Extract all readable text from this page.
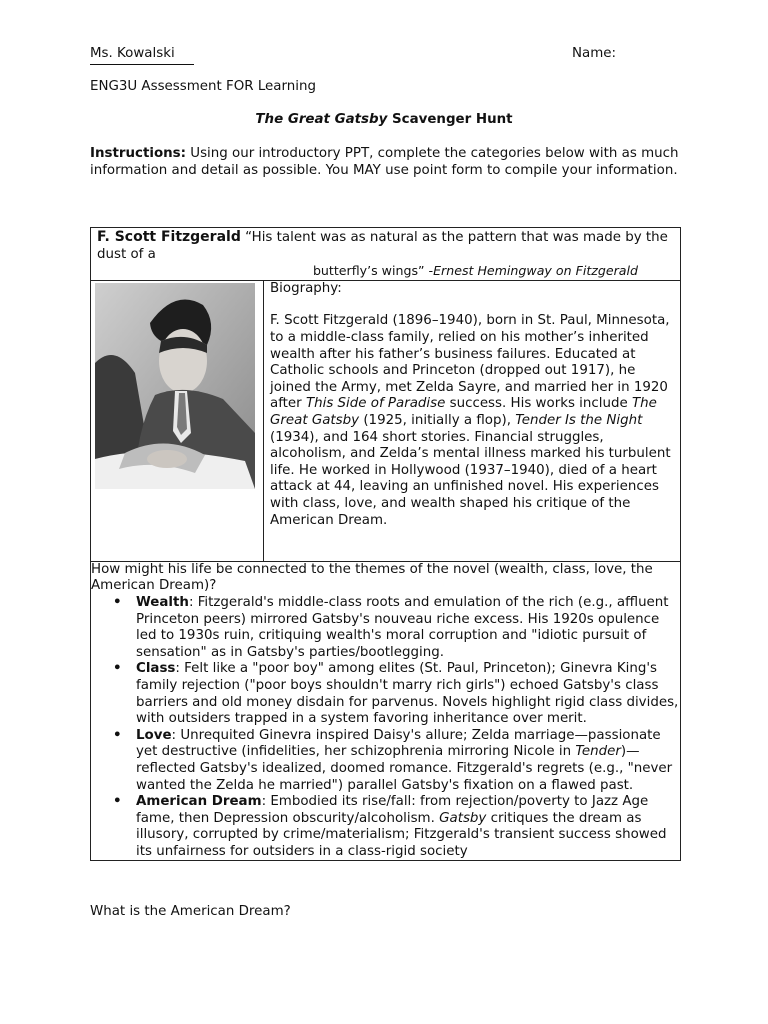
Ms. Kowalski	Name:
ENG3U Assessment FOR Learning
The Great Gatsby Scavenger Hunt
Instructions: Using our introductory PPT, complete the categories below with as much information and detail as possible. You MAY use point form to compile your information.
F. Scott Fitzgerald “His talent was as natural as the pattern that was made by the dust of a
butterfly’s wings” -Ernest Hemingway on Fitzgerald

Biography:

F. Scott Fitzgerald (1896–1940), born in St. Paul, Minnesota, to a middle-class family, relied on his mother’s inherited wealth after his father’s business failures. Educated at Catholic schools and Princeton (dropped out 1917), he joined the Army, met Zelda Sayre, and married her in 1920 after This Side of Paradise success. His works include The Great Gatsby (1925, initially a flop), Tender Is the Night (1934), and 164 short stories. Financial struggles, alcoholism, and Zelda’s mental illness marked his turbulent life. He worked in Hollywood (1937–1940), died of a heart attack at 44, leaving an unfinished novel. His experiences with class, love, and wealth shaped his critique of the American Dream.

How might his life be connected to the themes of the novel (wealth, class, love, the American Dream)?
• Wealth: Fitzgerald's middle-class roots and emulation of the rich (e.g., affluent Princeton peers) mirrored Gatsby's nouveau riche excess. His 1920s opulence led to 1930s ruin, critiquing wealth's moral corruption and "idiotic pursuit of sensation" as in Gatsby's parties/bootlegging.
• Class: Felt like a "poor boy" among elites (St. Paul, Princeton); Ginevra King's family rejection ("poor boys shouldn't marry rich girls") echoed Gatsby's class barriers and old money disdain for parvenus. Novels highlight rigid class divides, with outsiders trapped in a system favoring inheritance over merit.
• Love: Unrequited Ginevra inspired Daisy's allure; Zelda marriage—passionate yet destructive (infidelities, her schizophrenia mirroring Nicole in Tender)—reflected Gatsby's idealized, doomed romance. Fitzgerald's regrets (e.g., "never wanted the Zelda he married") parallel Gatsby's fixation on a flawed past.
• American Dream: Embodied its rise/fall: from rejection/poverty to Jazz Age fame, then Depression obscurity/alcoholism. Gatsby critiques the dream as illusory, corrupted by crime/materialism; Fitzgerald's transient success showed its unfairness for outsiders in a class-rigid society
What is the American Dream?
